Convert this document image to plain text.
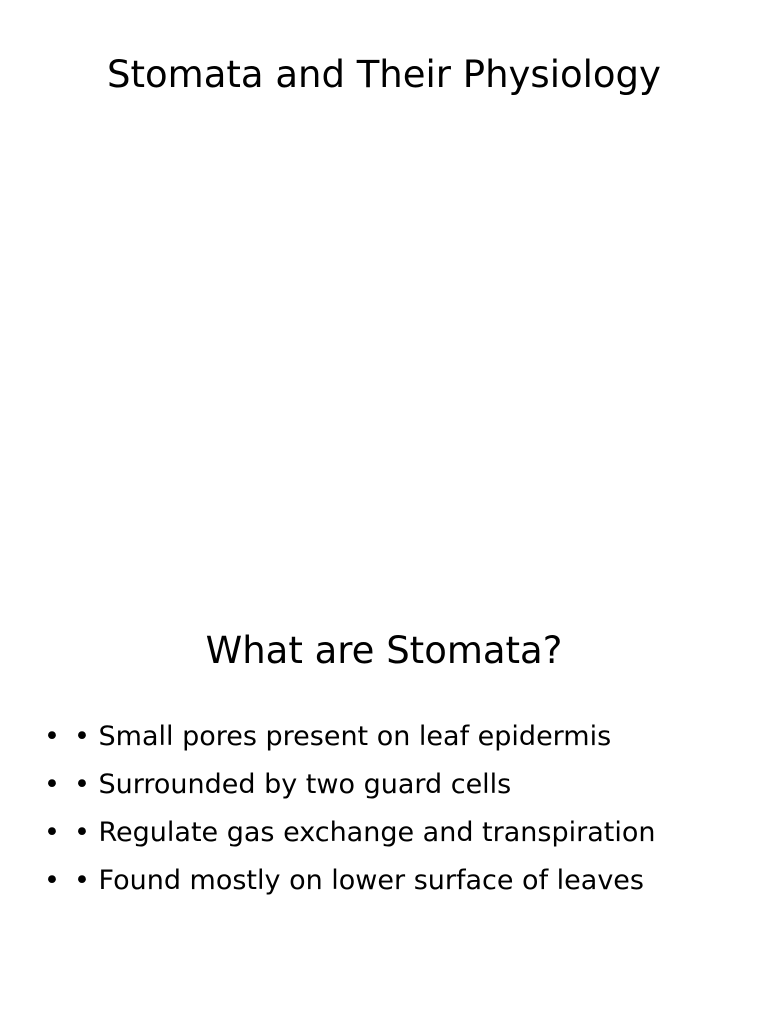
Stomata and Their Physiology
What are Stomata?
• • Small pores present on leaf epidermis
• • Surrounded by two guard cells
• • Regulate gas exchange and transpiration
• • Found mostly on lower surface of leaves
